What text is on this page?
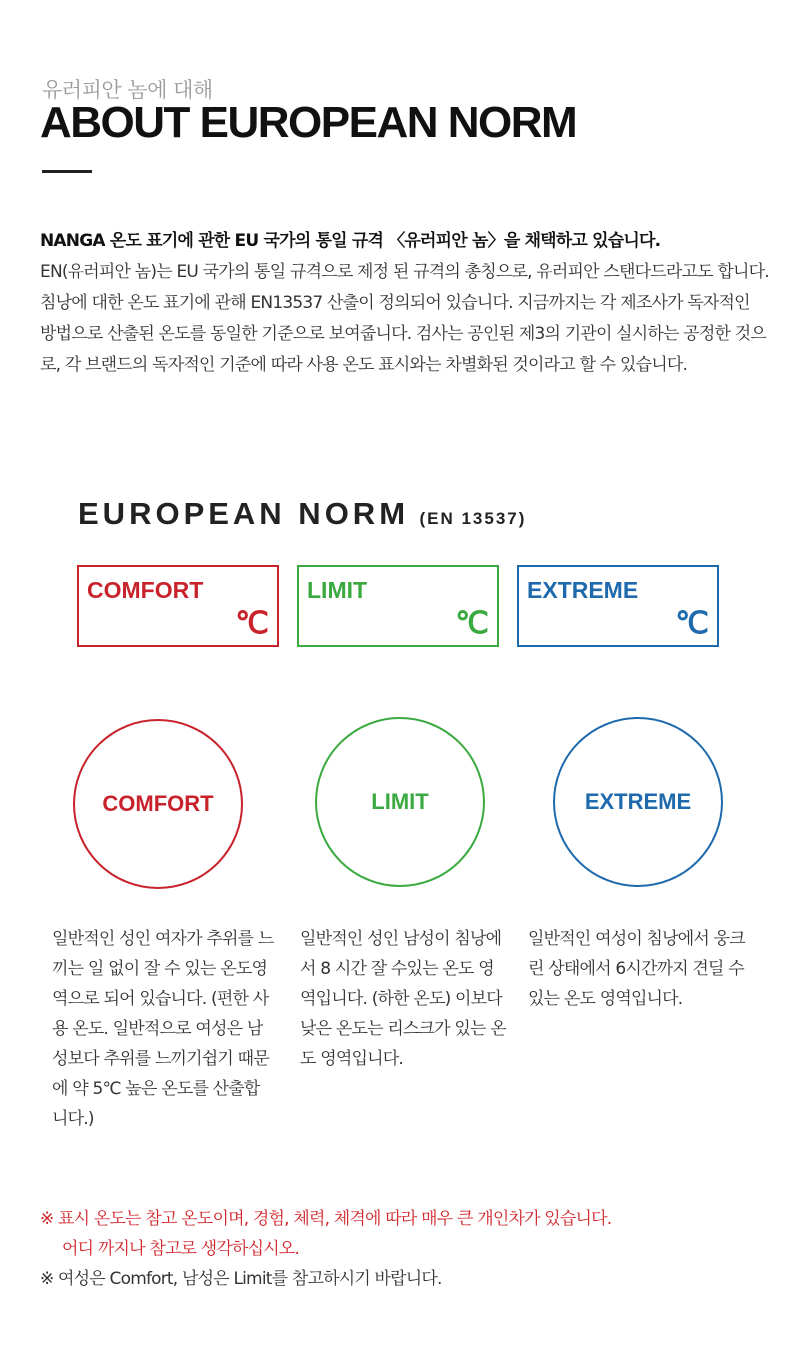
유러피안 놈에 대해
ABOUT EUROPEAN NORM
NANGA 온도 표기에 관한 EU 국가의 통일 규격 〈유러피안 놈〉을 채택하고 있습니다.
EN(유러피안 놈)는 EU 국가의 통일 규격으로 제정 된 규격의 총칭으로, 유러피안 스탠다드라고도 합니다. 침낭에 대한 온도 표기에 관해 EN13537 산출이 정의되어 있습니다. 지금까지는 각 제조사가 독자적인 방법으로 산출된 온도를 동일한 기준으로 보여줍니다. 검사는 공인된 제3의 기관이 실시하는 공정한 것으로, 각 브랜드의 독자적인 기준에 따라 사용 온도 표시와는 차별화된 것이라고 할 수 있습니다.
EUROPEAN NORM (EN 13537)
COMFORT
℃
LIMIT
℃
EXTREME
℃
COMFORT	LIMIT	EXTREME
일반적인 성인 여자가 추위를 느끼는 일 없이 잘 수 있는 온도영역으로 되어 있습니다. (편한 사용 온도. 일반적으로 여성은 남성보다 추위를 느끼기쉽기 때문에 약 5℃ 높은 온도를 산출합니다.)
일반적인 성인 남성이 침낭에서 8 시간 잘 수있는 온도 영역입니다. (하한 온도) 이보다 낮은 온도는 리스크가 있는 온도 영역입니다.
일반적인 여성이 침낭에서 웅크린 상태에서 6시간까지 견딜 수 있는 온도 영역입니다.
※ 표시 온도는 참고 온도이며, 경험, 체력, 체격에 따라 매우 큰 개인차가 있습니다.
어디 까지나 참고로 생각하십시오.
※ 여성은 Comfort, 남성은 Limit를 참고하시기 바랍니다.
